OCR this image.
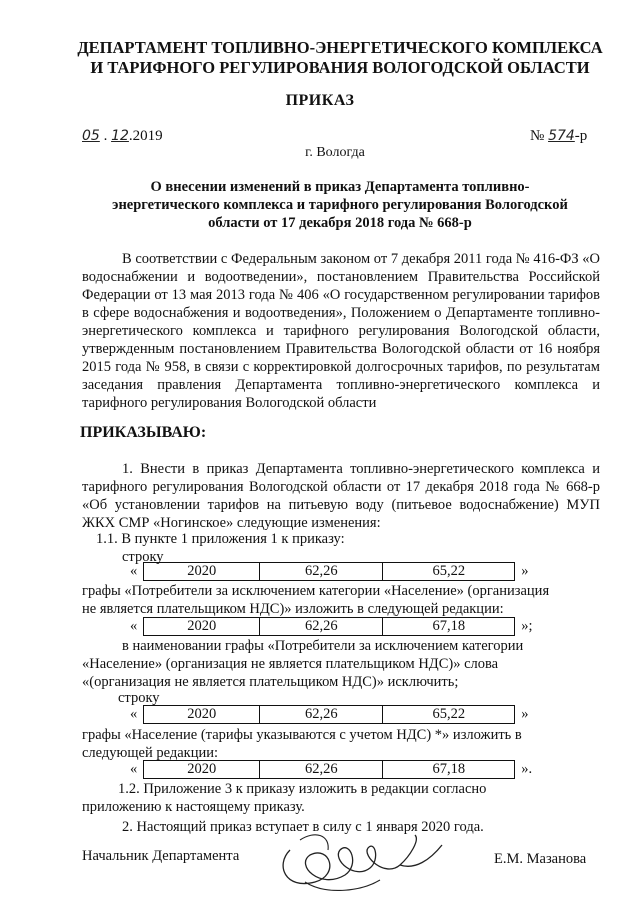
ДЕПАРТАМЕНТ ТОПЛИВНО-ЭНЕРГЕТИЧЕСКОГО КОМПЛЕКСА
И ТАРИФНОГО РЕГУЛИРОВАНИЯ ВОЛОГОДСКОЙ ОБЛАСТИ
ПРИКАЗ
05 . 12.2019	№ 574-р
г. Вологда
О внесении изменений в приказ Департамента топливно-
энергетического комплекса и тарифного регулирования Вологодской
области от 17 декабря 2018 года № 668-р
В соответствии с Федеральным законом от 7 декабря 2011 года № 416-ФЗ «О водоснабжении и водоотведении», постановлением Правительства Российской Федерации от 13 мая 2013 года № 406 «О государственном регулировании тарифов в сфере водоснабжения и водоотведения», Положением о Департаменте топливно-энергетического комплекса и тарифного регулирования Вологодской области, утвержденным постановлением Правительства Вологодской области от 16 ноября 2015 года № 958, в связи с корректировкой долгосрочных тарифов, по результатам заседания правления Департамента топливно-энергетического комплекса и тарифного регулирования Вологодской области
ПРИКАЗЫВАЮ:
1. Внести в приказ Департамента топливно-энергетического комплекса и тарифного регулирования Вологодской области от 17 декабря 2018 года № 668-р «Об установлении тарифов на питьевую воду (питьевое водоснабжение) МУП ЖКХ СМР «Ногинское» следующие изменения:
1.1. В пункте 1 приложения 1 к приказу:
строку
«	2020	62,26	65,22	»
графы «Потребители за исключением категории «Население» (организация
не является плательщиком НДС)» изложить в следующей редакции:
«	2020	62,26	67,18	»;
в наименовании графы «Потребители за исключением категории
«Население» (организация не является плательщиком НДС)» слова
«(организация не является плательщиком НДС)» исключить;
строку
«	2020	62,26	65,22	»
графы «Население (тарифы указываются с учетом НДС) *» изложить в
следующей редакции:
«	2020	62,26	67,18	».
1.2. Приложение 3 к приказу изложить в редакции согласно
приложению к настоящему приказу.
2. Настоящий приказ вступает в силу с 1 января 2020 года.
Начальник Департамента	Е.М. Мазанова
